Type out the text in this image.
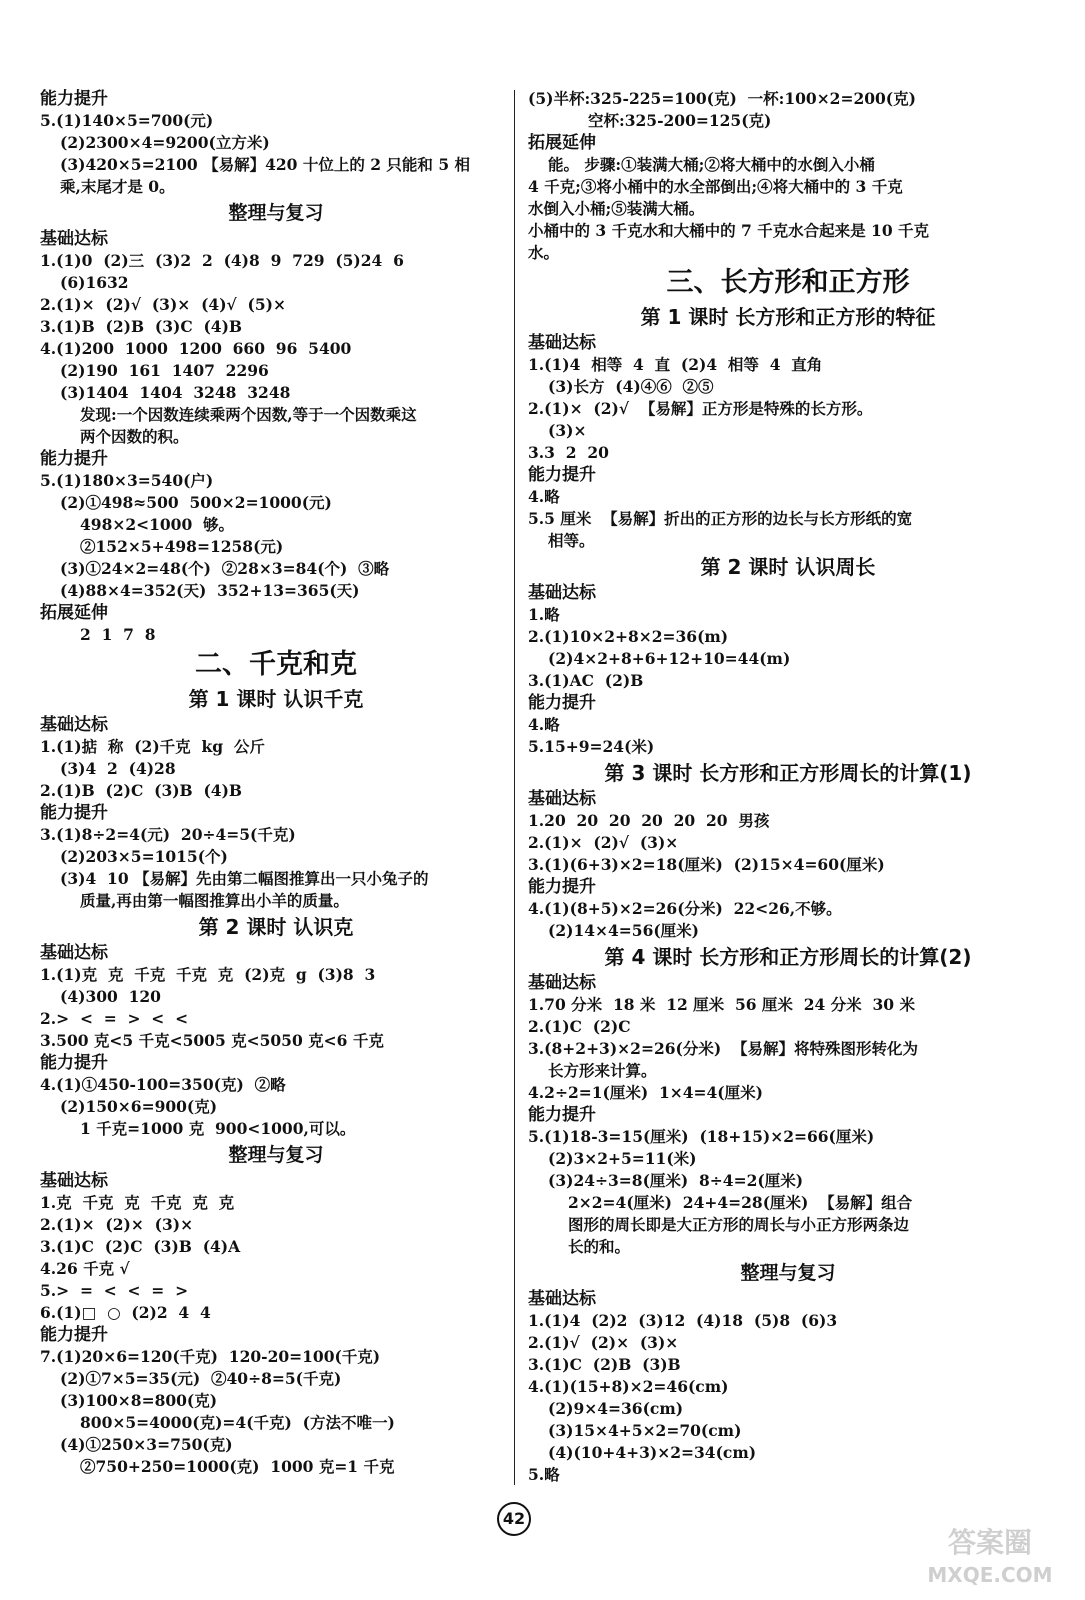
能力提升
5.(1)140×5=700(元)
(2)2300×4=9200(立方米)
(3)420×5=2100 【易解】420 十位上的 2 只能和 5 相
乘,末尾才是 0。
整理与复习
基础达标
1.(1)0  (2)三  (3)2  2  (4)8  9  729  (5)24  6
(6)1632
2.(1)×  (2)√  (3)×  (4)√  (5)×
3.(1)B  (2)B  (3)C  (4)B
4.(1)200  1000  1200  660  96  5400
(2)190  161  1407  2296
(3)1404  1404  3248  3248
发现:一个因数连续乘两个因数,等于一个因数乘这
两个因数的积。
能力提升
5.(1)180×3=540(户)
(2)①498≈500  500×2=1000(元)
498×2<1000  够。
②152×5+498=1258(元)
(3)①24×2=48(个)  ②28×3=84(个)  ③略
(4)88×4=352(天)  352+13=365(天)
拓展延伸
2  1  7  8
二、千克和克
第 1 课时 认识千克
基础达标
1.(1)掂  称  (2)千克  kg  公斤
(3)4  2  (4)28
2.(1)B  (2)C  (3)B  (4)B
能力提升
3.(1)8÷2=4(元)  20÷4=5(千克)
(2)203×5=1015(个)
(3)4  10 【易解】先由第二幅图推算出一只小兔子的
质量,再由第一幅图推算出小羊的质量。
第 2 课时 认识克
基础达标
1.(1)克  克  千克  千克  克  (2)克  g  (3)8  3
(4)300  120
2.>  <  =  >  <  <
3.500 克<5 千克<5005 克<5050 克<6 千克
能力提升
4.(1)①450-100=350(克)  ②略
(2)150×6=900(克)
1 千克=1000 克  900<1000,可以。
整理与复习
基础达标
1.克  千克  克  千克  克  克
2.(1)×  (2)×  (3)×
3.(1)C  (2)C  (3)B  (4)A
4.26 千克 √
5.>  =  <  <  =  >
6.(1)□  ○  (2)2  4  4
能力提升
7.(1)20×6=120(千克)  120-20=100(千克)
(2)①7×5=35(元)  ②40÷8=5(千克)
(3)100×8=800(克)
800×5=4000(克)=4(千克)  (方法不唯一)
(4)①250×3=750(克)
②750+250=1000(克)  1000 克=1 千克
(5)半杯:325-225=100(克)  一杯:100×2=200(克)
空杯:325-200=125(克)
拓展延伸
能。 步骤:①装满大桶;②将大桶中的水倒入小桶
4 千克;③将小桶中的水全部倒出;④将大桶中的 3 千克
水倒入小桶;⑤装满大桶。
小桶中的 3 千克水和大桶中的 7 千克水合起来是 10 千克
水。
三、长方形和正方形
第 1 课时 长方形和正方形的特征
基础达标
1.(1)4  相等  4  直  (2)4  相等  4  直角
(3)长方  (4)④⑥  ②⑤
2.(1)×  (2)√  【易解】正方形是特殊的长方形。
(3)×
3.3  2  20
能力提升
4.略
5.5 厘米  【易解】折出的正方形的边长与长方形纸的宽
相等。
第 2 课时 认识周长
基础达标
1.略
2.(1)10×2+8×2=36(m)
(2)4×2+8+6+12+10=44(m)
3.(1)AC  (2)B
能力提升
4.略
5.15+9=24(米)
第 3 课时 长方形和正方形周长的计算(1)
基础达标
1.20  20  20  20  20  20  男孩
2.(1)×  (2)√  (3)×
3.(1)(6+3)×2=18(厘米)  (2)15×4=60(厘米)
能力提升
4.(1)(8+5)×2=26(分米)  22<26,不够。
(2)14×4=56(厘米)
第 4 课时 长方形和正方形周长的计算(2)
基础达标
1.70 分米  18 米  12 厘米  56 厘米  24 分米  30 米
2.(1)C  (2)C
3.(8+2+3)×2=26(分米)  【易解】将特殊图形转化为
长方形来计算。
4.2÷2=1(厘米)  1×4=4(厘米)
能力提升
5.(1)18-3=15(厘米)  (18+15)×2=66(厘米)
(2)3×2+5=11(米)
(3)24÷3=8(厘米)  8÷4=2(厘米)
2×2=4(厘米)  24+4=28(厘米)  【易解】组合
图形的周长即是大正方形的周长与小正方形两条边
长的和。
整理与复习
基础达标
1.(1)4  (2)2  (3)12  (4)18  (5)8  (6)3
2.(1)√  (2)×  (3)×
3.(1)C  (2)B  (3)B
4.(1)(15+8)×2=46(cm)
(2)9×4=36(cm)
(3)15×4+5×2=70(cm)
(4)(10+4+3)×2=34(cm)
5.略
42
答案圈
MXQE.COM
